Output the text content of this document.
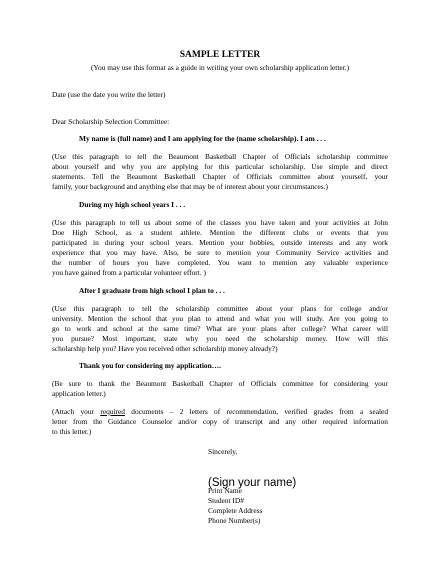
SAMPLE LETTER

(You may use this format as a guide in writing your own scholarship application letter.)

Date (use the date you write the letter)

Dear Scholarship Selection Committee:

My name is (full name) and I am applying for the (name scholarship). I am . . .

(Use this paragraph to tell the Beaumont Basketball Chapter of Officials scholarship committee

about yourself and why you are applying for this particular scholarship. Use simple and direct

statements. Tell the Beaumont Basketball Chapter of Officials committee about yourself, your

family, your background and anything else that may be of interest about your circumstances.)

During my high school years I . . .

(Use this paragraph to tell us about some of the classes you have taken and your activities at John

Doe High School, as a student athlete. Mention the different clubs or events that you

participated in during your school years. Mention your hobbies, outside interests and any work

experience that you may have. Also, be sure to mention your Community Service activities and

the number of hours you have completed. You want to mention any valuable experience

you have gained from a particular volunteer effort. )

After I graduate from high school I plan to . . .

(Use this paragraph to tell the scholarship committee about your plans for college and/or

university. Mention the school that you plan to attend and what you will study. Are you going to

go to work and school at the same time? What are your plans after college? What career will

you pursue? Most important, state why you need the scholarship money. How will this

scholarship help you? Have you received other scholarship money already?)

Thank you for considering my application….

(Be sure to thank the Beaumont Basketball Chapter of Officials committee for considering your

application letter.)

(Attach your required documents – 2 letters of recommendation, verified grades from a sealed

letter from the Guidance Counselor and/or copy of transcript and any other required information

to this letter.)

Sincerely,

(Sign your name)

Print Name

Student ID#

Complete Address

Phone Number(s)
